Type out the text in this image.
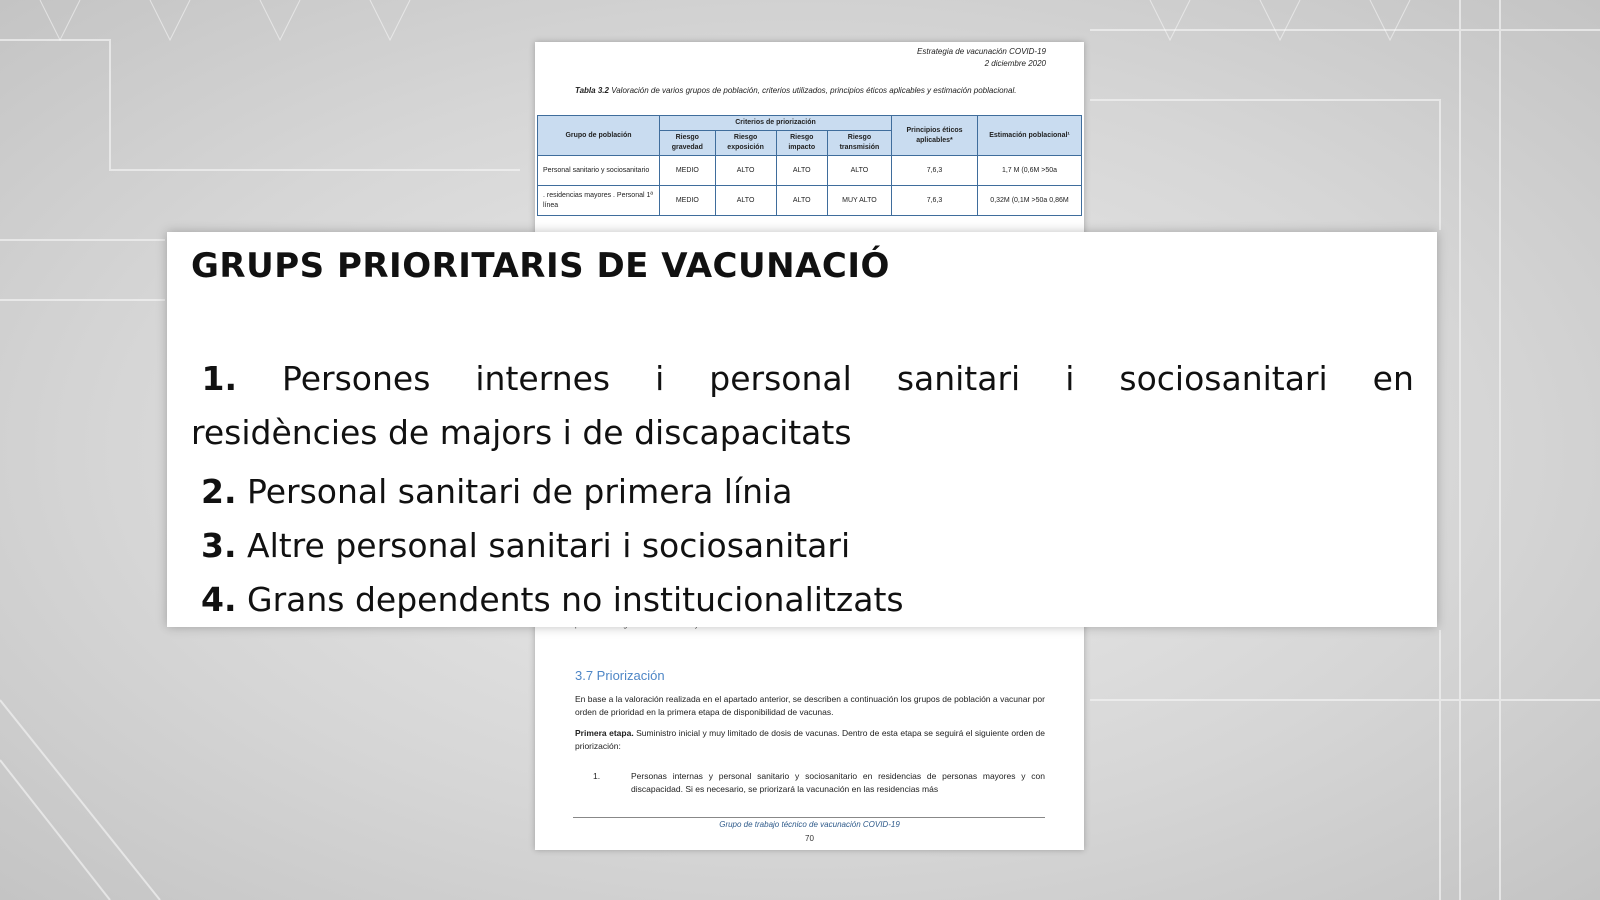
Estrategia de vacunación COVID-19
2 diciembre 2020
Tabla 3.2 Valoración de varios grupos de población, criterios utilizados, principios éticos aplicables y estimación poblacional.
Grupo de población	Criterios de priorización				Principios éticos aplicables*	Estimación poblacional¹
	Riesgo gravedad	Riesgo exposición	Riesgo impacto	Riesgo transmisión		
Personal sanitario y sociosanitario	MEDIO	ALTO	ALTO	ALTO	7,6,3	1,7 M (0,6M >50a
. residencias mayores . Personal 1ª línea	MEDIO	ALTO	ALTO	MUY ALTO	7,6,3	0,32M (0,1M >50a 0,86M
3.7 Priorización
En base a la valoración realizada en el apartado anterior, se describen a continuación los grupos de población a vacunar por orden de prioridad en la primera etapa de disponibilidad de vacunas.
Primera etapa. Suministro inicial y muy limitado de dosis de vacunas. Dentro de esta etapa se seguirá el siguiente orden de priorización:
1.	Personas internas y personal sanitario y sociosanitario en residencias de personas mayores y con discapacidad. Si es necesario, se priorizará la vacunación en las residencias más
Grupo de trabajo técnico de vacunación COVID-19
70
GRUPS PRIORITARIS DE VACUNACIÓ
1. Persones internes i personal sanitari i sociosanitari en
residències de majors i de discapacitats
2. Personal sanitari de primera línia
3. Altre personal sanitari i sociosanitari
4. Grans dependents no institucionalitzats
